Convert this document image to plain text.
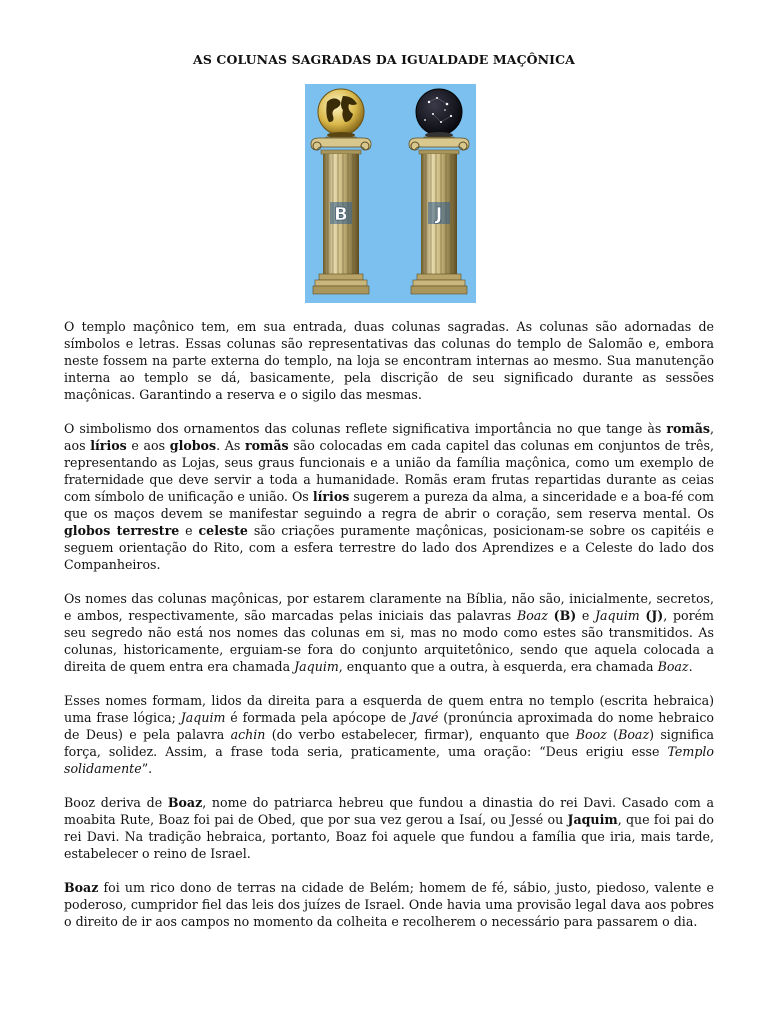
AS COLUNAS SAGRADAS DA IGUALDADE MAÇÔNICA
B	J

O templo maçônico tem, em sua entrada, duas colunas sagradas. As colunas são adornadas de símbolos e letras. Essas colunas são representativas das colunas do templo de Salomão e, embora neste fossem na parte externa do templo, na loja se encontram internas ao mesmo. Sua manutenção interna ao templo se dá, basicamente, pela discrição de seu significado durante as sessões maçônicas. Garantindo a reserva e o sigilo das mesmas.

O simbolismo dos ornamentos das colunas reflete significativa importância no que tange às romãs, aos lírios e aos globos. As romãs são colocadas em cada capitel das colunas em conjuntos de três, representando as Lojas, seus graus funcionais e a união da família maçônica, como um exemplo de fraternidade que deve servir a toda a humanidade. Romãs eram frutas repartidas durante as ceias com símbolo de unificação e união. Os lírios sugerem a pureza da alma, a sinceridade e a boa-fé com que os maços devem se manifestar seguindo a regra de abrir o coração, sem reserva mental. Os globos terrestre e celeste são criações puramente maçônicas, posicionam-se sobre os capitéis e seguem orientação do Rito, com a esfera terrestre do lado dos Aprendizes e a Celeste do lado dos Companheiros.

Os nomes das colunas maçônicas, por estarem claramente na Bíblia, não são, inicialmente, secretos, e ambos, respectivamente, são marcadas pelas iniciais das palavras Boaz (B) e Jaquim (J), porém seu segredo não está nos nomes das colunas em si, mas no modo como estes são transmitidos. As colunas, historicamente, erguiam-se fora do conjunto arquitetônico, sendo que aquela colocada a direita de quem entra era chamada Jaquim, enquanto que a outra, à esquerda, era chamada Boaz.

Esses nomes formam, lidos da direita para a esquerda de quem entra no templo (escrita hebraica) uma frase lógica; Jaquim é formada pela apócope de Javé (pronúncia aproximada do nome hebraico de Deus) e pela palavra achin (do verbo estabelecer, firmar), enquanto que Booz (Boaz) significa força, solidez. Assim, a frase toda seria, praticamente, uma oração: “Deus erigiu esse Templo solidamente”.

Booz deriva de Boaz, nome do patriarca hebreu que fundou a dinastia do rei Davi. Casado com a moabita Rute, Boaz foi pai de Obed, que por sua vez gerou a Isaí, ou Jessé ou Jaquim, que foi pai do rei Davi. Na tradição hebraica, portanto, Boaz foi aquele que fundou a família que iria, mais tarde, estabelecer o reino de Israel.

Boaz foi um rico dono de terras na cidade de Belém; homem de fé, sábio, justo, piedoso, valente e poderoso, cumpridor fiel das leis dos juízes de Israel. Onde havia uma provisão legal dava aos pobres o direito de ir aos campos no momento da colheita e recolherem o necessário para passarem o dia.
